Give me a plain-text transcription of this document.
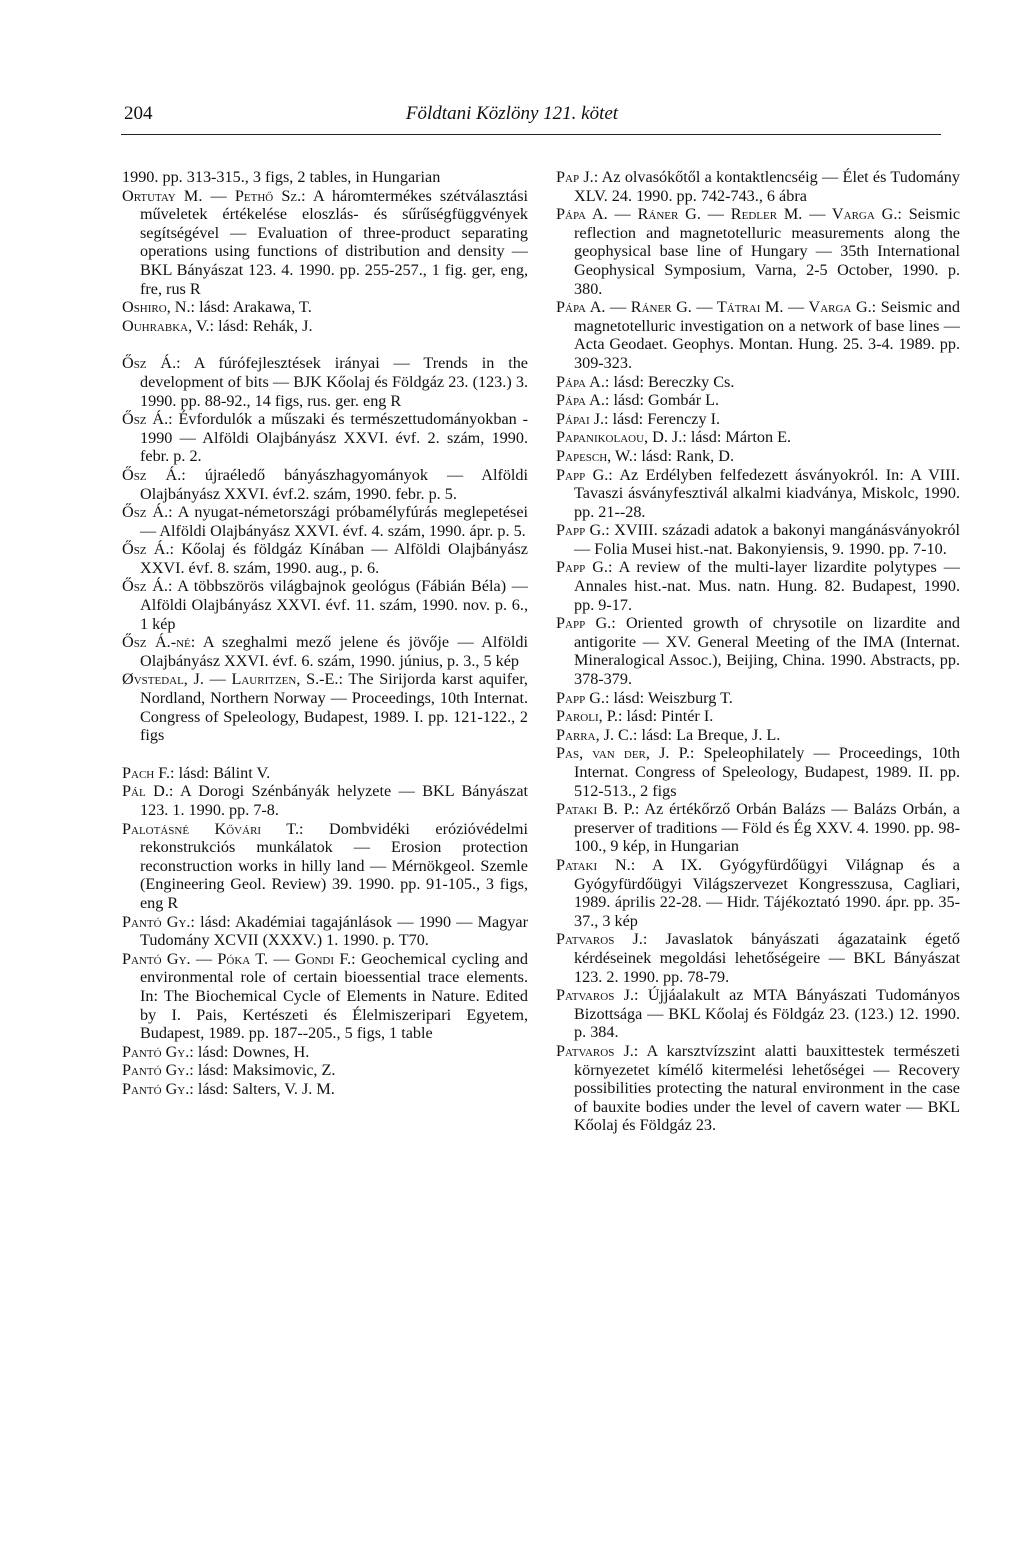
204	Földtani Közlöny 121. kötet

1990. pp. 313-315., 3 figs, 2 tables, in Hungarian

Ortutay M. — Pethő Sz.: A háromtermékes szétválasztási műveletek értékelése eloszlás- és sűrűségfüggvények segítségével — Evaluation of three-product separating operations using functions of distribution and density — BKL Bányászat 123. 4. 1990. pp. 255-257., 1 fig. ger, eng, fre, rus R

Oshiro, N.: lásd: Arakawa, T.

Ouhrabka, V.: lásd: Rehák, J.

Ősz Á.: A fúrófejlesztések irányai — Trends in the development of bits — BJK Kőolaj és Földgáz 23. (123.) 3. 1990. pp. 88-92., 14 figs, rus. ger. eng R

Ősz Á.: Évfordulók a műszaki és természettudományokban - 1990 — Alföldi Olajbányász XXVI. évf. 2. szám, 1990. febr. p. 2.

Ősz Á.: újraéledő bányászhagyományok — Alföldi Olajbányász XXVI. évf.2. szám, 1990. febr. p. 5.

Ősz Á.: A nyugat-németországi próbamélyfúrás meglepetései — Alföldi Olajbányász XXVI. évf. 4. szám, 1990. ápr. p. 5.

Ősz Á.: Kőolaj és földgáz Kínában — Alföldi Olajbányász XXVI. évf. 8. szám, 1990. aug., p. 6.

Ősz Á.: A többszörös világbajnok geológus (Fábián Béla) — Alföldi Olajbányász XXVI. évf. 11. szám, 1990. nov. p. 6., 1 kép

Ősz Á.-né: A szeghalmi mező jelene és jövője — Alföldi Olajbányász XXVI. évf. 6. szám, 1990. június, p. 3., 5 kép

Øvstedal, J. — Lauritzen, S.-E.: The Sirijorda karst aquifer, Nordland, Northern Norway — Proceedings, 10th Internat. Congress of Speleology, Budapest, 1989. I. pp. 121-122., 2 figs

Pach F.: lásd: Bálint V.

Pál D.: A Dorogi Szénbányák helyzete — BKL Bányászat 123. 1. 1990. pp. 7-8.

Palotásné Kővári T.: Dombvidéki erózióvédelmi rekonstrukciós munkálatok — Erosion protection reconstruction works in hilly land — Mérnökgeol. Szemle (Engineering Geol. Review) 39. 1990. pp. 91-105., 3 figs, eng R

Pantó Gy.: lásd: Akadémiai tagajánlások — 1990 — Magyar Tudomány XCVII (XXXV.) 1. 1990. p. T70.

Pantó Gy. — Póka T. — Gondi F.: Geochemical cycling and environmental role of certain bioessential trace elements. In: The Biochemical Cycle of Elements in Nature. Edited by I. Pais, Kertészeti és Élelmiszeripari Egyetem, Budapest, 1989. pp. 187--205., 5 figs, 1 table

Pantó Gy.: lásd: Downes, H.

Pantó Gy.: lásd: Maksimovic, Z.

Pantó Gy.: lásd: Salters, V. J. M.

Pap J.: Az olvasókőtől a kontaktlencséig — Élet és Tudomány XLV. 24. 1990. pp. 742-743., 6 ábra

Pápa A. — Ráner G. — Redler M. — Varga G.: Seismic reflection and magnetotelluric measurements along the geophysical base line of Hungary — 35th International Geophysical Symposium, Varna, 2-5 October, 1990. p. 380.

Pápa A. — Ráner G. — Tátrai M. — Varga G.: Seismic and magnetotelluric investigation on a network of base lines — Acta Geodaet. Geophys. Montan. Hung. 25. 3-4. 1989. pp. 309-323.

Pápa A.: lásd: Bereczky Cs.

Pápa A.: lásd: Gombár L.

Pápai J.: lásd: Ferenczy I.

Papanikolaou, D. J.: lásd: Márton E.

Papesch, W.: lásd: Rank, D.

Papp G.: Az Erdélyben felfedezett ásványokról. In: A VIII. Tavaszi ásványfesztivál alkalmi kiadványa, Miskolc, 1990. pp. 21--28.

Papp G.: XVIII. századi adatok a bakonyi mangánásványokról — Folia Musei hist.-nat. Bakonyiensis, 9. 1990. pp. 7-10.

Papp G.: A review of the multi-layer lizardite polytypes — Annales hist.-nat. Mus. natn. Hung. 82. Budapest, 1990. pp. 9-17.

Papp G.: Oriented growth of chrysotile on lizardite and antigorite — XV. General Meeting of the IMA (Internat. Mineralogical Assoc.), Beijing, China. 1990. Abstracts, pp. 378-379.

Papp G.: lásd: Weiszburg T.

Paroli, P.: lásd: Pintér I.

Parra, J. C.: lásd: La Breque, J. L.

Pas, van der, J. P.: Speleophilately — Proceedings, 10th Internat. Congress of Speleology, Budapest, 1989. II. pp. 512-513., 2 figs

Pataki B. P.: Az értékőrző Orbán Balázs — Balázs Orbán, a preserver of traditions — Föld és Ég XXV. 4. 1990. pp. 98-100., 9 kép, in Hungarian

Pataki N.: A IX. Gyógyfürdőügyi Világnap és a Gyógyfürdőügyi Világszervezet Kongresszusa, Cagliari, 1989. április 22-28. — Hidr. Tájékoztató 1990. ápr. pp. 35-37., 3 kép

Patvaros J.: Javaslatok bányászati ágazataink égető kérdéseinek megoldási lehetőségeire — BKL Bányászat 123. 2. 1990. pp. 78-79.

Patvaros J.: Újjáalakult az MTA Bányászati Tudományos Bizottsága — BKL Kőolaj és Földgáz 23. (123.) 12. 1990. p. 384.

Patvaros J.: A karsztvízszint alatti bauxittestek természeti környezetet kímélő kitermelési lehetőségei — Recovery possibilities protecting the natural environment in the case of bauxite bodies under the level of cavern water — BKL Kőolaj és Földgáz 23.
